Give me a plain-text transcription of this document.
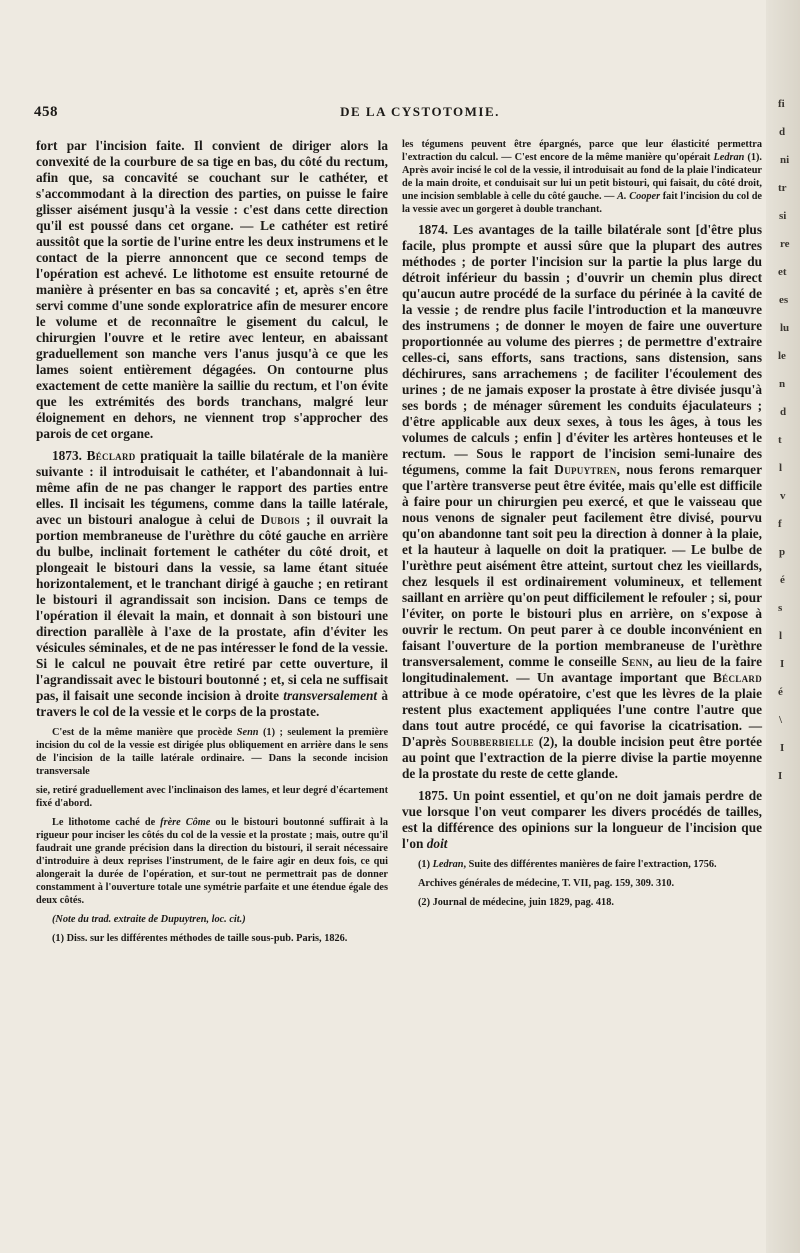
458	DE LA CYSTOTOMIE.

fort par l'incision faite. Il convient de diriger alors la convexité de la courbure de sa tige en bas, du côté du rectum, afin que, sa concavité se couchant sur le cathéter, et s'accommodant à la direction des parties, on puisse le faire glisser aisément jusqu'à la vessie : c'est dans cette direction qu'il est poussé dans cet organe. — Le cathéter est retiré aussitôt que la sortie de l'urine entre les deux instrumens et le contact de la pierre annoncent que ce second temps de l'opération est achevé. Le lithotome est ensuite retourné de manière à présenter en bas sa concavité ; et, après s'en être servi comme d'une sonde exploratrice afin de mesurer encore le volume et de reconnaître le gisement du calcul, le chirurgien l'ouvre et le retire avec lenteur, en abaissant graduellement son manche vers l'anus jusqu'à ce que les lames soient entièrement dégagées. On contourne plus exactement de cette manière la saillie du rectum, et l'on évite que les extrémités des bords tranchans, malgré leur éloignement en dehors, ne viennent trop s'approcher des parois de cet organe.

1873. Béclard pratiquait la taille bilatérale de la manière suivante : il introduisait le cathéter, et l'abandonnait à lui-même afin de ne pas changer le rapport des parties entre elles. Il incisait les tégumens, comme dans la taille latérale, avec un bistouri analogue à celui de Dubois ; il ouvrait la portion membraneuse de l'urèthre du côté gauche en arrière du bulbe, inclinait fortement le cathéter du côté droit, et plongeait le bistouri dans la vessie, sa lame étant située horizontalement, et le tranchant dirigé à gauche ; en retirant le bistouri il agrandissait son incision. Dans ce temps de l'opération il élevait la main, et donnait à son bistouri une direction parallèle à l'axe de la prostate, afin d'éviter les vésicules séminales, et de ne pas intéresser le fond de la vessie. Si le calcul ne pouvait être retiré par cette ouverture, il l'agrandissait avec le bistouri boutonné ; et, si cela ne suffisait pas, il faisait une seconde incision à droite transversalement à travers le col de la vessie et le corps de la prostate.

C'est de la même manière que procède Senn (1) ; seulement la première incision du col de la vessie est dirigée plus obliquement en arrière dans le sens de l'incision de la taille latérale ordinaire. — Dans la seconde incision transversale

sie, retiré graduellement avec l'inclinaison des lames, et leur degré d'écartement fixé d'abord.

Le lithotome caché de frère Côme ou le bistouri boutonné suffirait à la rigueur pour inciser les côtés du col de la vessie et la prostate ; mais, outre qu'il faudrait une grande précision dans la direction du bistouri, il serait nécessaire d'introduire à deux reprises l'instrument, de le faire agir en deux fois, ce qui alongerait la durée de l'opération, et sur-tout ne permettrait pas de donner constamment à l'ouverture totale une symétrie parfaite et une étendue égale des deux côtés.

(Note du trad. extraite de Dupuytren, loc. cit.)

(1) Diss. sur les différentes méthodes de taille sous-pub. Paris, 1826.

les tégumens peuvent être épargnés, parce que leur élasticité permettra l'extraction du calcul. — C'est encore de la même manière qu'opérait Ledran (1). Après avoir incisé le col de la vessie, il introduisait au fond de la plaie l'indicateur de la main droite, et conduisait sur lui un petit bistouri, qui faisait, du côté droit, une incision semblable à celle du côté gauche. — A. Cooper fait l'incision du col de la vessie avec un gorgeret à double tranchant.

1874. Les avantages de la taille bilatérale sont [d'être plus facile, plus prompte et aussi sûre que la plupart des autres méthodes ; de porter l'incision sur la partie la plus large du détroit inférieur du bassin ; d'ouvrir un chemin plus direct qu'aucun autre procédé de la surface du périnée à la cavité de la vessie ; de rendre plus facile l'introduction et la manœuvre des instrumens ; de donner le moyen de faire une ouverture proportionnée au volume des pierres ; de permettre d'extraire celles-ci, sans efforts, sans tractions, sans distension, sans déchirures, sans arrachemens ; de faciliter l'écoulement des urines ; de ne jamais exposer la prostate à être divisée jusqu'à ses bords ; de ménager sûrement les conduits éjaculateurs ; d'être applicable aux deux sexes, à tous les âges, à tous les volumes de calculs ; enfin ] d'éviter les artères honteuses et le rectum. — Sous le rapport de l'incision semi-lunaire des tégumens, comme la fait Dupuytren, nous ferons remarquer que l'artère transverse peut être évitée, mais qu'elle est difficile à faire pour un chirurgien peu exercé, et que le vaisseau que nous venons de signaler peut facilement être divisé, pourvu qu'on abandonne tant soit peu la direction à donner à la plaie, et la hauteur à laquelle on doit la pratiquer. — Le bulbe de l'urèthre peut aisément être atteint, surtout chez les vieillards, chez lesquels il est ordinairement volumineux, et tellement saillant en arrière qu'on peut difficilement le refouler ; si, pour l'éviter, on porte le bistouri plus en arrière, on s'expose à ouvrir le rectum. On peut parer à ce double inconvénient en faisant l'ouverture de la portion membraneuse de l'urèthre transversalement, comme le conseille Senn, au lieu de la faire longitudinalement. — Un avantage important que Béclard attribue à ce mode opératoire, c'est que les lèvres de la plaie restent plus exactement appliquées l'une contre l'autre que dans tout autre procédé, ce qui favorise la cicatrisation. — D'après Soubberbielle (2), la double incision peut être portée au point que l'extraction de la pierre divise la partie moyenne de la prostate du reste de cette glande.

1875. Un point essentiel, et qu'on ne doit jamais perdre de vue lorsque l'on veut comparer les divers procédés de tailles, est la différence des opinions sur la longueur de l'incision que l'on doit

(1) Ledran, Suite des différentes manières de faire l'extraction, 1756.

Archives générales de médecine, T. VII, pag. 159, 309. 310.

(2) Journal de médecine, juin 1829, pag. 418.

fi
d
ni
tr
si
re
et
es
lu
le
n
d
t
l
v
f
p
é
s
l
I
é
\
I
I
